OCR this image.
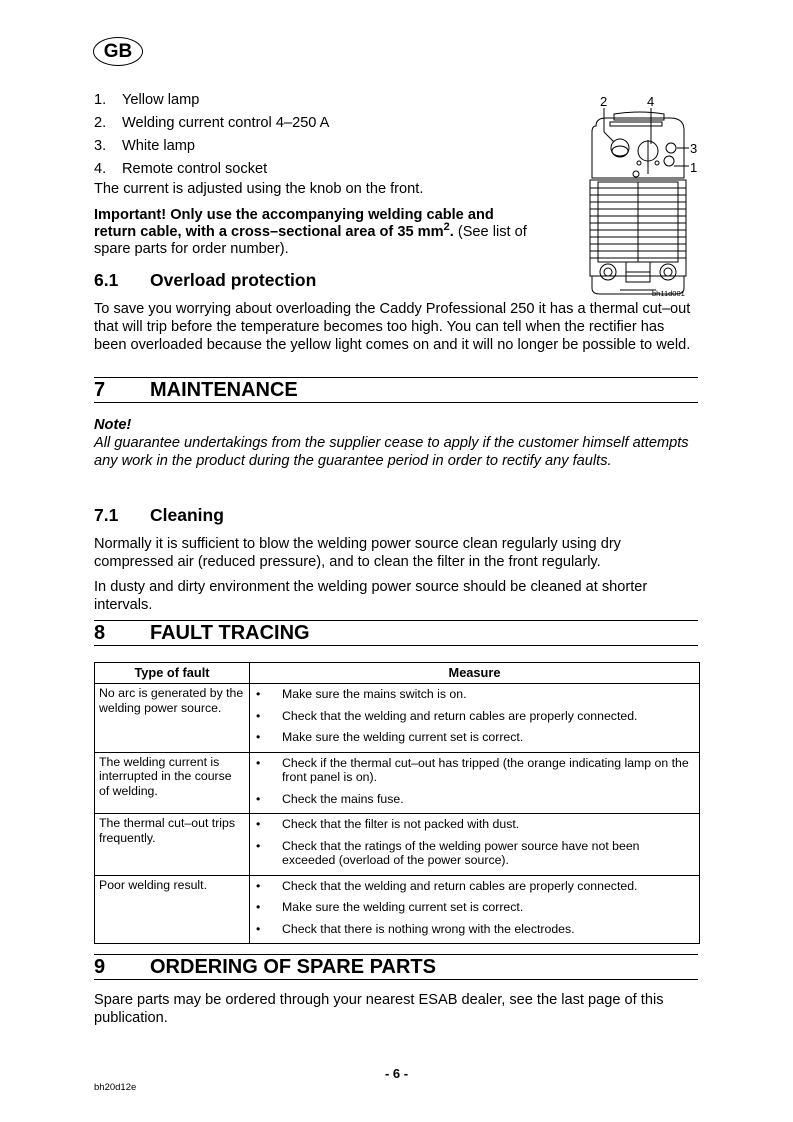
GB
1. Yellow lamp
2. Welding current control 4–250 A
3. White lamp
4. Remote control socket
The current is adjusted using the knob on the front.
Important! Only use the accompanying welding cable and
return cable, with a cross–sectional area of 35 $mm^2$. (See list of
spare parts for order number).
2	4
3
1
bh11d001
6.1 Overload protection
To save you worrying about overloading the Caddy Professional 250 it has a thermal cut–out that will trip before the temperature becomes too high. You can tell when the rectifier has been overloaded because the yellow light comes on and it will no longer be possible to weld.
7 MAINTENANCE
Note!
All guarantee undertakings from the supplier cease to apply if the customer himself attempts any work in the product during the guarantee period in order to rectify any faults.
7.1 Cleaning
Normally it is sufficient to blow the welding power source clean regularly using dry compressed air (reduced pressure), and to clean the filter in the front regularly.
In dusty and dirty environment the welding power source should be cleaned at shorter intervals.
8 FAULT TRACING
Type of fault	Measure
No arc is generated by the welding power source.	
• Make sure the mains switch is on.
• Check that the welding and return cables are properly connected.
• Make sure the welding current set is correct.

The welding current is interrupted in the course of welding.	• Check if the thermal cut–out has tripped (the orange indicating lamp on the front panel is on).
• Check the mains fuse.

The thermal cut–out trips frequently.	• Check that the filter is not packed with dust.
• Check that the ratings of the welding power source have not been exceeded (overload of the power source).

Poor welding result.	• Check that the welding and return cables are properly connected.
• Make sure the welding current set is correct.
• Check that there is nothing wrong with the electrodes.
9 ORDERING OF SPARE PARTS
Spare parts may be ordered through your nearest ESAB dealer, see the last page of this publication.
- 6 -
bh20d12e
